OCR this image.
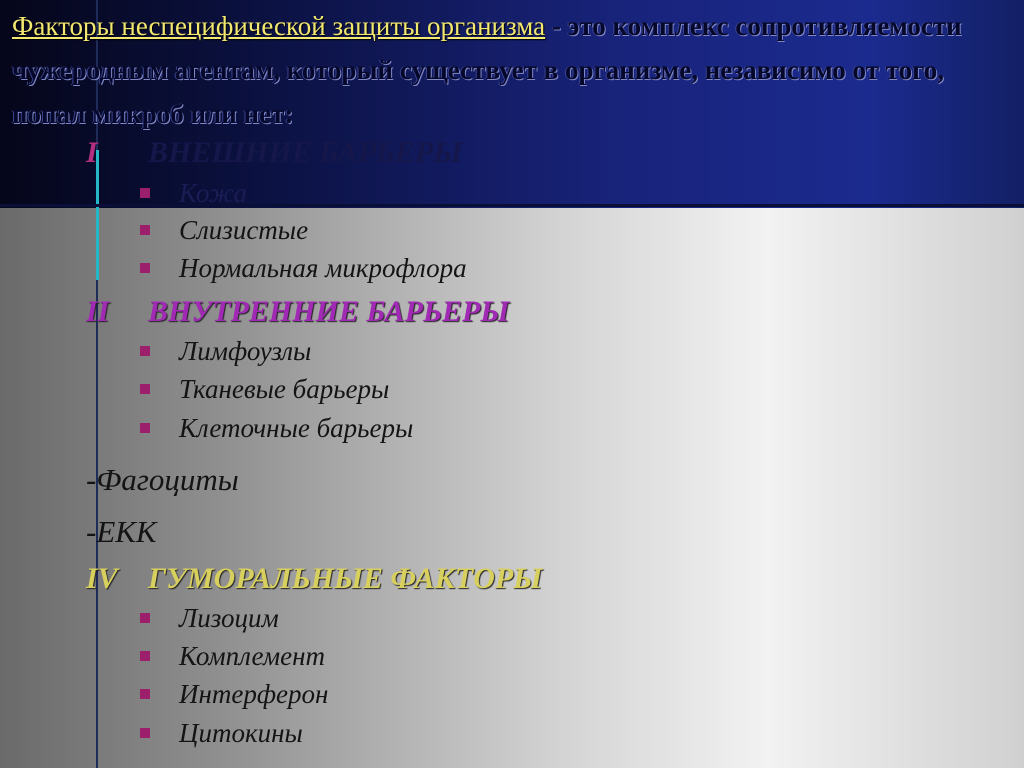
Факторы неспецифической защиты организма - это комплекс сопротивляемости чужеродным агентам, который существует в организме, независимо от того, попал микроб или нет:

I ВНЕШНИЕ БАРЬЕРЫ
Кожа
Слизистые
Нормальная микрофлора
II ВНУТРЕННИЕ БАРЬЕРЫ
Лимфоузлы
Тканевые барьеры
Клеточные барьеры
-Фагоциты
-ЕКК
IV ГУМОРАЛЬНЫЕ ФАКТОРЫ
Лизоцим
Комплемент
Интерферон
Цитокины
